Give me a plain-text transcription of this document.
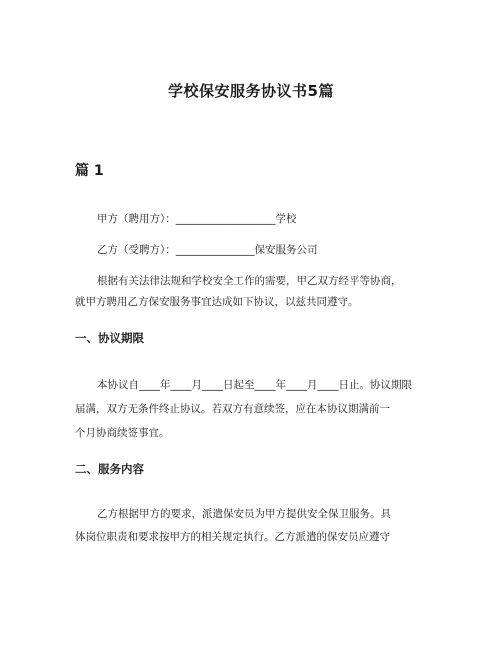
学校保安服务协议书5篇
篇 1
甲方（聘用方）：___________________学校
乙方（受聘方）：_______________保安服务公司
根据有关法律法规和学校安全工作的需要，甲乙双方经平等协商，
就甲方聘用乙方保安服务事宜达成如下协议，以兹共同遵守。
一、协议期限
本协议自____年____月____日起至____年____月____日止。协议期限
届满，双方无条件终止协议。若双方有意续签，应在本协议期满前一
个月协商续签事宜。
二、服务内容
乙方根据甲方的要求，派遣保安员为甲方提供安全保卫服务。具
体岗位职责和要求按甲方的相关规定执行。乙方派遣的保安员应遵守
